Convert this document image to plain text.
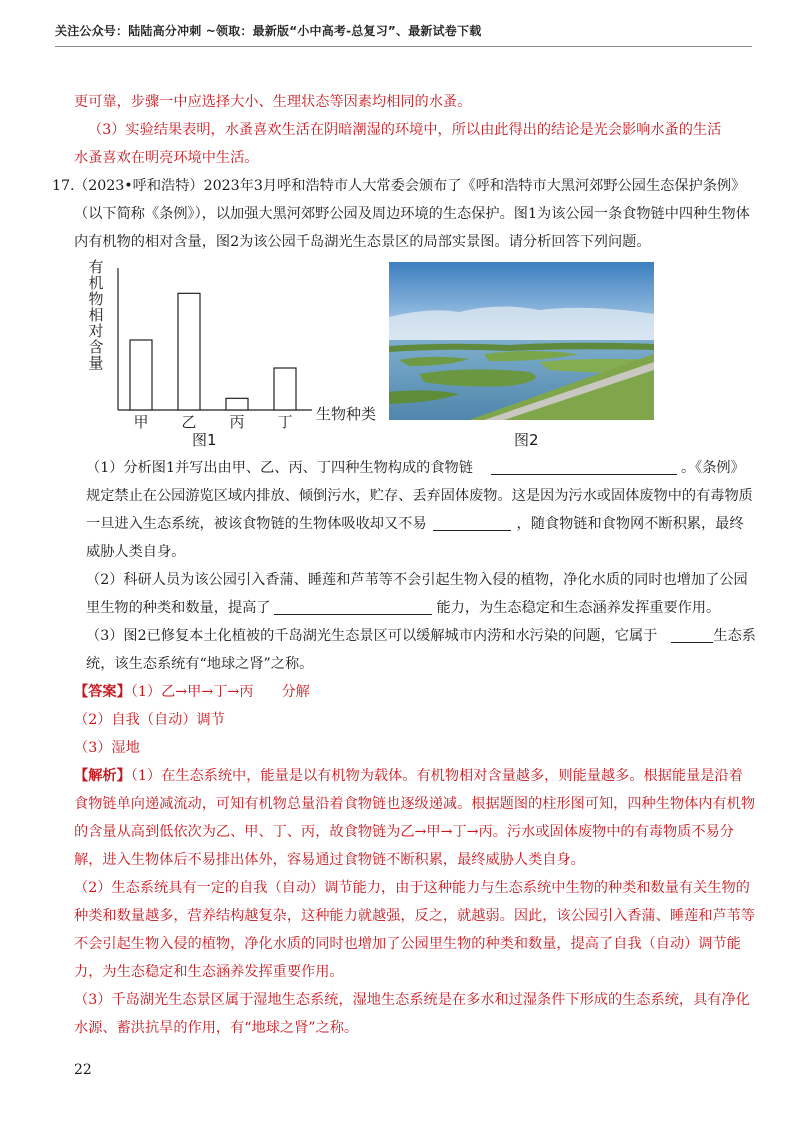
关注公众号：陆陆高分冲刺 ~领取：最新版“小中高考-总复习”、最新试卷下载

更可靠，步骤一中应选择大小、生理状态等因素均相同的水蚤。

（3）实验结果表明，水蚤喜欢生活在阴暗潮湿的环境中，所以由此得出的结论是光会影响水蚤的生活

水蚤喜欢在明亮环境中生活。

17. （2023•呼和浩特）2023年3月呼和浩特市人大常委会颁布了《呼和浩特市大黑河郊野公园生态保护条例》（以下简称《条例》），以加强大黑河郊野公园及周边环境的生态保护。图1为该公园一条食物链中四种生物体内有机物的相对含量，图2为该公园千岛湖光生态景区的局部实景图。请分析回答下列问题。

有
机
物
相
对
含
量
甲 乙 丙 丁 生物种类
图1	图2

（1）分析图1并写出由甲、乙、丙、丁四种生物构成的食物链	。《条例》规定禁止在公园游览区域内排放、倾倒污水，贮存、丢弃固体废物。这是因为污水或固体废物中的有毒物质一旦进入生态系统，被该食物链的生物体吸收却又不易	，随食物链和食物网不断积累，最终威胁人类自身。

（2）科研人员为该公园引入香蒲、睡莲和芦苇等不会引起生物入侵的植物，净化水质的同时也增加了公园里生物的种类和数量，提高了	能力，为生态稳定和生态涵养发挥重要作用。

（3）图2已修复本土化植被的千岛湖光生态景区可以缓解城市内涝和水污染的问题，它属于	生态系统，该生态系统有“地球之肾”之称。

【答案】（1）乙→甲→丁→丙 分解

（2）自我（自动）调节

（3）湿地

【解析】（1）在生态系统中，能量是以有机物为载体。有机物相对含量越多，则能量越多。根据能量是沿着食物链单向递减流动，可知有机物总量沿着食物链也逐级递减。根据题图的柱形图可知，四种生物体内有机物的含量从高到低依次为乙、甲、丁、丙，故食物链为乙→甲→丁→丙。污水或固体废物中的有毒物质不易分解，进入生物体后不易排出体外，容易通过食物链不断积累，最终威胁人类自身。

（2）生态系统具有一定的自我（自动）调节能力，由于这种能力与生态系统中生物的种类和数量有关生物的种类和数量越多，营养结构越复杂，这种能力就越强，反之，就越弱。因此，该公园引入香蒲、睡莲和芦苇等不会引起生物入侵的植物，净化水质的同时也增加了公园里生物的种类和数量，提高了自我（自动）调节能力，为生态稳定和生态涵养发挥重要作用。

（3）千岛湖光生态景区属于湿地生态系统，湿地生态系统是在多水和过湿条件下形成的生态系统，具有净化水源、蓄洪抗旱的作用，有“地球之肾”之称。

22
